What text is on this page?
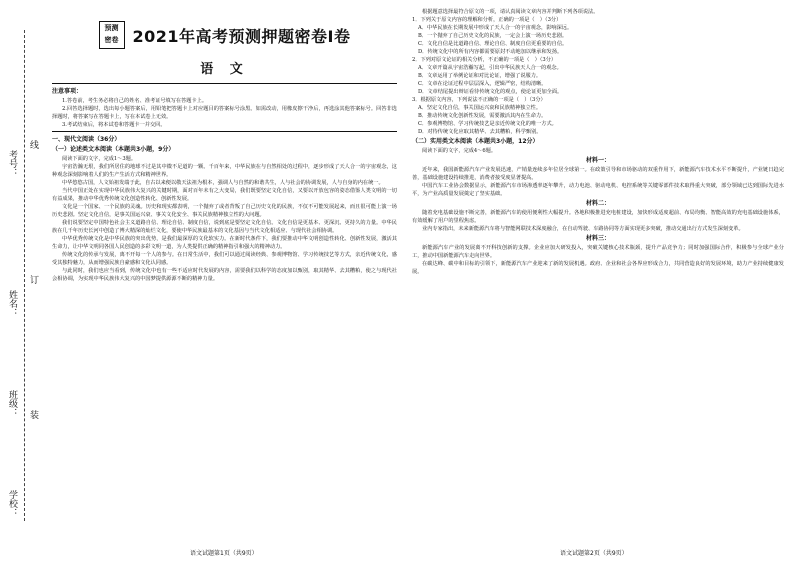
考号：
姓名：
班级：
学校：
线
订
装
预测
密卷 2021年高考预测押题密卷Ⅰ卷
语 文
注意事项：

1.答卷前，考生务必将自己的姓名、准考证号填写在答题卡上。

2.回答选择题时，选出每小题答案后，用铅笔把答题卡上对应题目的答案标号涂黑。如需改动，用橡皮擦干净后，再选涂其他答案标号。回答非选择题时，将答案写在答题卡上，写在本试卷上无效。

3.考试结束后，将本试卷和答题卡一并交回。

一、现代文阅读（36分）
（一）论述类文本阅读（本题共3小题，9分）

阅读下面的文字，完成1～3题。

宇宙浩瀚无垠，我们所居住的地球不过是其中微不足道的一颗。千百年来，中华民族在与自然相处的过程中，逐步形成了天人合一的宇宙观念，这种观念深刻影响着人们的生产生活方式和精神世界。

中华悠悠古国，人文始祖发端于此，自古以来便以敬天法祖为根本，强调人与自然的和谐共生，人与社会的协调发展，人与自身的内在统一。

当代中国正处在实现中华民族伟大复兴的关键时期，面对百年未有之大变局，我们既要坚定文化自信，又要以开放包容的姿态借鉴人类文明的一切有益成果，推动中华优秀传统文化创造性转化、创新性发展。

文化是一个国家、一个民族的灵魂。历史和现实都表明，一个抛弃了或者背叛了自己历史文化的民族，不仅不可能发展起来，而且很可能上演一场历史悲剧。坚定文化自信，是事关国运兴衰、事关文化安全、事关民族精神独立性的大问题。

我们说要坚定中国特色社会主义道路自信、理论自信、制度自信，说到底是要坚定文化自信。文化自信是更基本、更深沉、更持久的力量。中华民族在几千年历史长河中创造了博大精深的灿烂文化，要使中华民族最基本的文化基因与当代文化相适应、与现代社会相协调。

中华优秀传统文化是中华民族的突出优势，是我们最深厚的文化软实力。在新时代条件下，我们要推动中华文明创造性转化、创新性发展，激活其生命力，让中华文明同各国人民创造的多彩文明一道，为人类提供正确的精神指引和强大的精神动力。

传统文化的传承与发展，离不开每一个人的参与。在日常生活中，我们可以通过阅读经典、参观博物馆、学习传统技艺等方式，亲近传统文化，感受其独特魅力，从而增强民族自豪感和文化认同感。

与此同时，我们也应当看到，传统文化中也有一些不适应时代发展的内容，需要我们以科学的态度加以甄别，取其精华、去其糟粕，使之与现代社会相协调，为实现中华民族伟大复兴的中国梦提供源源不断的精神力量。

语文试题第1页（共9页）

根据题意选择最符合原文的一项，请认真阅读文章内容并判断下列各项说法。

1．下列关于原文内容的理解和分析，正确的一项是（　）（3分）

A．中华民族在长期发展中形成了天人合一的宇宙观念，影响深远。

B．一个抛弃了自己历史文化的民族，一定会上演一场历史悲剧。

C．文化自信是比道路自信、理论自信、制度自信更重要的自信。

D．传统文化中的所有内容都需要原封不动地加以继承和发扬。

2．下列对原文论证的相关分析，不正确的一项是（　）（3分）

A．文章开篇从宇宙浩瀚写起，引出中华民族天人合一的观念。

B．文章运用了举例论证和对比论证，增强了说服力。

C．文章在论证过程中层层深入，逻辑严密，结构清晰。

D．文章结尾提出辩证看待传统文化的观点，使论证更加全面。

3．根据原文内容，下列说法不正确的一项是（　）（3分）

A．坚定文化自信，事关国运兴衰和民族精神独立性。

B．推动传统文化创新性发展，需要激活其内在生命力。

C．参观博物馆、学习传统技艺是亲近传统文化的唯一方式。

D．对待传统文化应取其精华、去其糟粕，科学甄别。

（二）实用类文本阅读（本题共3小题，12分）

阅读下面的文字，完成4～6题。

材料一：

近年来，我国新能源汽车产业发展迅速，产销量连续多年位居全球第一。在政策引导和市场驱动的双重作用下，新能源汽车技术水平不断提升，产业链日趋完善，基础设施建设持续推进，消费者接受度显著提高。

中国汽车工业协会数据显示，新能源汽车市场渗透率逐年攀升，动力电池、驱动电机、电控系统等关键零部件技术取得重大突破，部分领域已达到国际先进水平，为产业高质量发展奠定了坚实基础。

材料二：

随着充电基础设施不断完善，新能源汽车的使用便利性大幅提升。各地积极推进充电桩建设，加快形成适度超前、布局均衡、智能高效的充电基础设施体系，有效缓解了用户的里程焦虑。

业内专家指出，未来新能源汽车将与智能网联技术深度融合，在自动驾驶、车路协同等方面实现更多突破，推动交通出行方式发生深刻变革。

材料三：

新能源汽车产业的发展离不开科技创新的支撑。企业应加大研发投入，突破关键核心技术瓶颈，提升产品竞争力；同时加强国际合作，积极参与全球产业分工，推动中国新能源汽车走向世界。

在碳达峰、碳中和目标的引领下，新能源汽车产业迎来了新的发展机遇。政府、企业和社会各界应形成合力，共同营造良好的发展环境，助力产业持续健康发展。

语文试题第2页（共9页）
